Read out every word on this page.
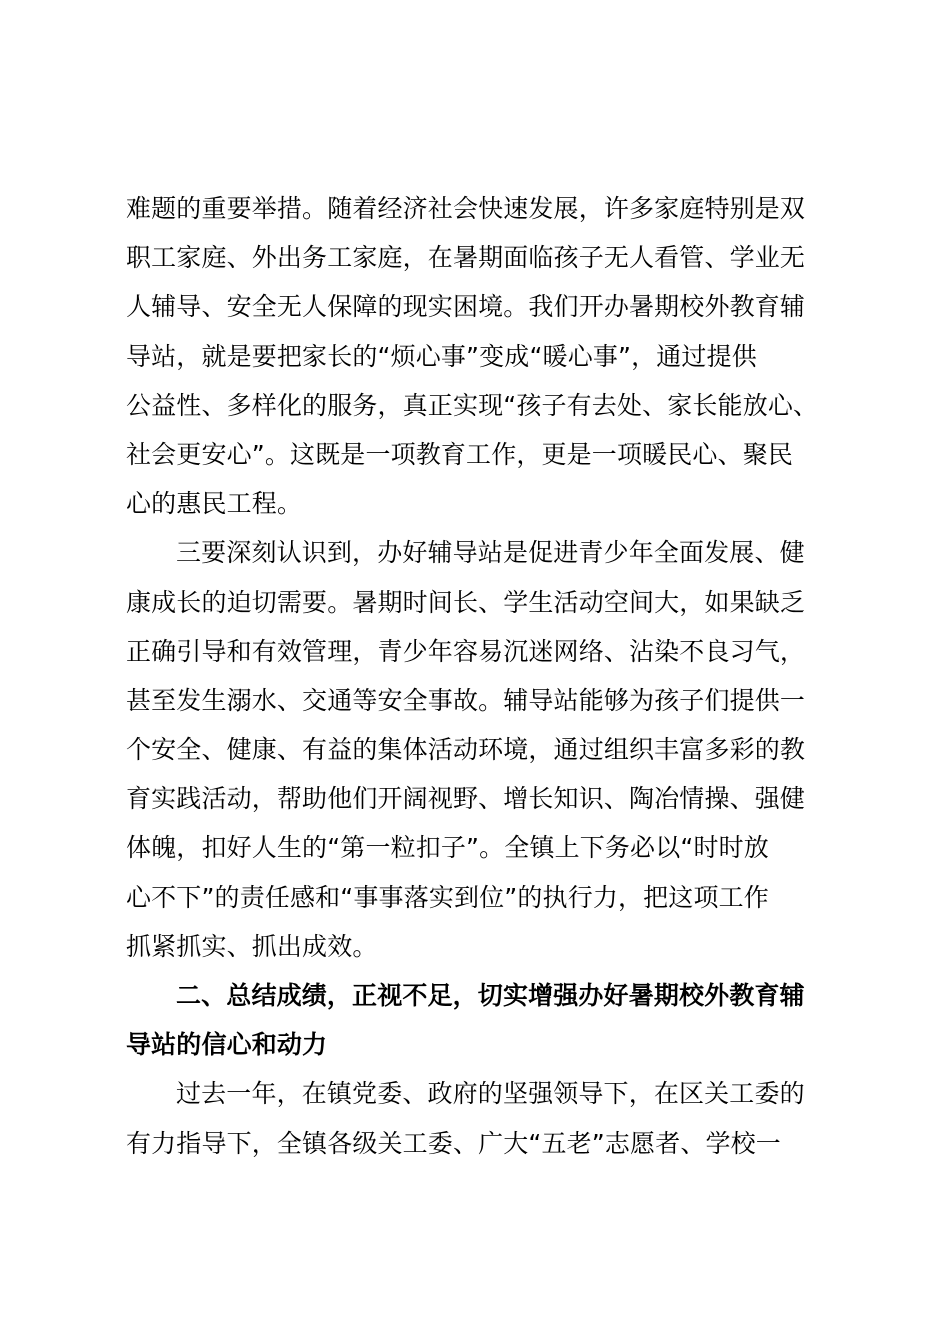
难题的重要举措。随着经济社会快速发展，许多家庭特别是双
职工家庭、外出务工家庭，在暑期面临孩子无人看管、学业无
人辅导、安全无人保障的现实困境。我们开办暑期校外教育辅
导站，就是要把家长的“烦心事”变成“暖心事”，通过提供
公益性、多样化的服务，真正实现“孩子有去处、家长能放心、
社会更安心”。这既是一项教育工作，更是一项暖民心、聚民
心的惠民工程。
三要深刻认识到，办好辅导站是促进青少年全面发展、健
康成长的迫切需要。暑期时间长、学生活动空间大，如果缺乏
正确引导和有效管理，青少年容易沉迷网络、沾染不良习气，
甚至发生溺水、交通等安全事故。辅导站能够为孩子们提供一
个安全、健康、有益的集体活动环境，通过组织丰富多彩的教
育实践活动，帮助他们开阔视野、增长知识、陶冶情操、强健
体魄，扣好人生的“第一粒扣子”。全镇上下务必以“时时放
心不下”的责任感和“事事落实到位”的执行力，把这项工作
抓紧抓实、抓出成效。
二、总结成绩，正视不足，切实增强办好暑期校外教育辅
导站的信心和动力
过去一年，在镇党委、政府的坚强领导下，在区关工委的
有力指导下，全镇各级关工委、广大“五老”志愿者、学校一
